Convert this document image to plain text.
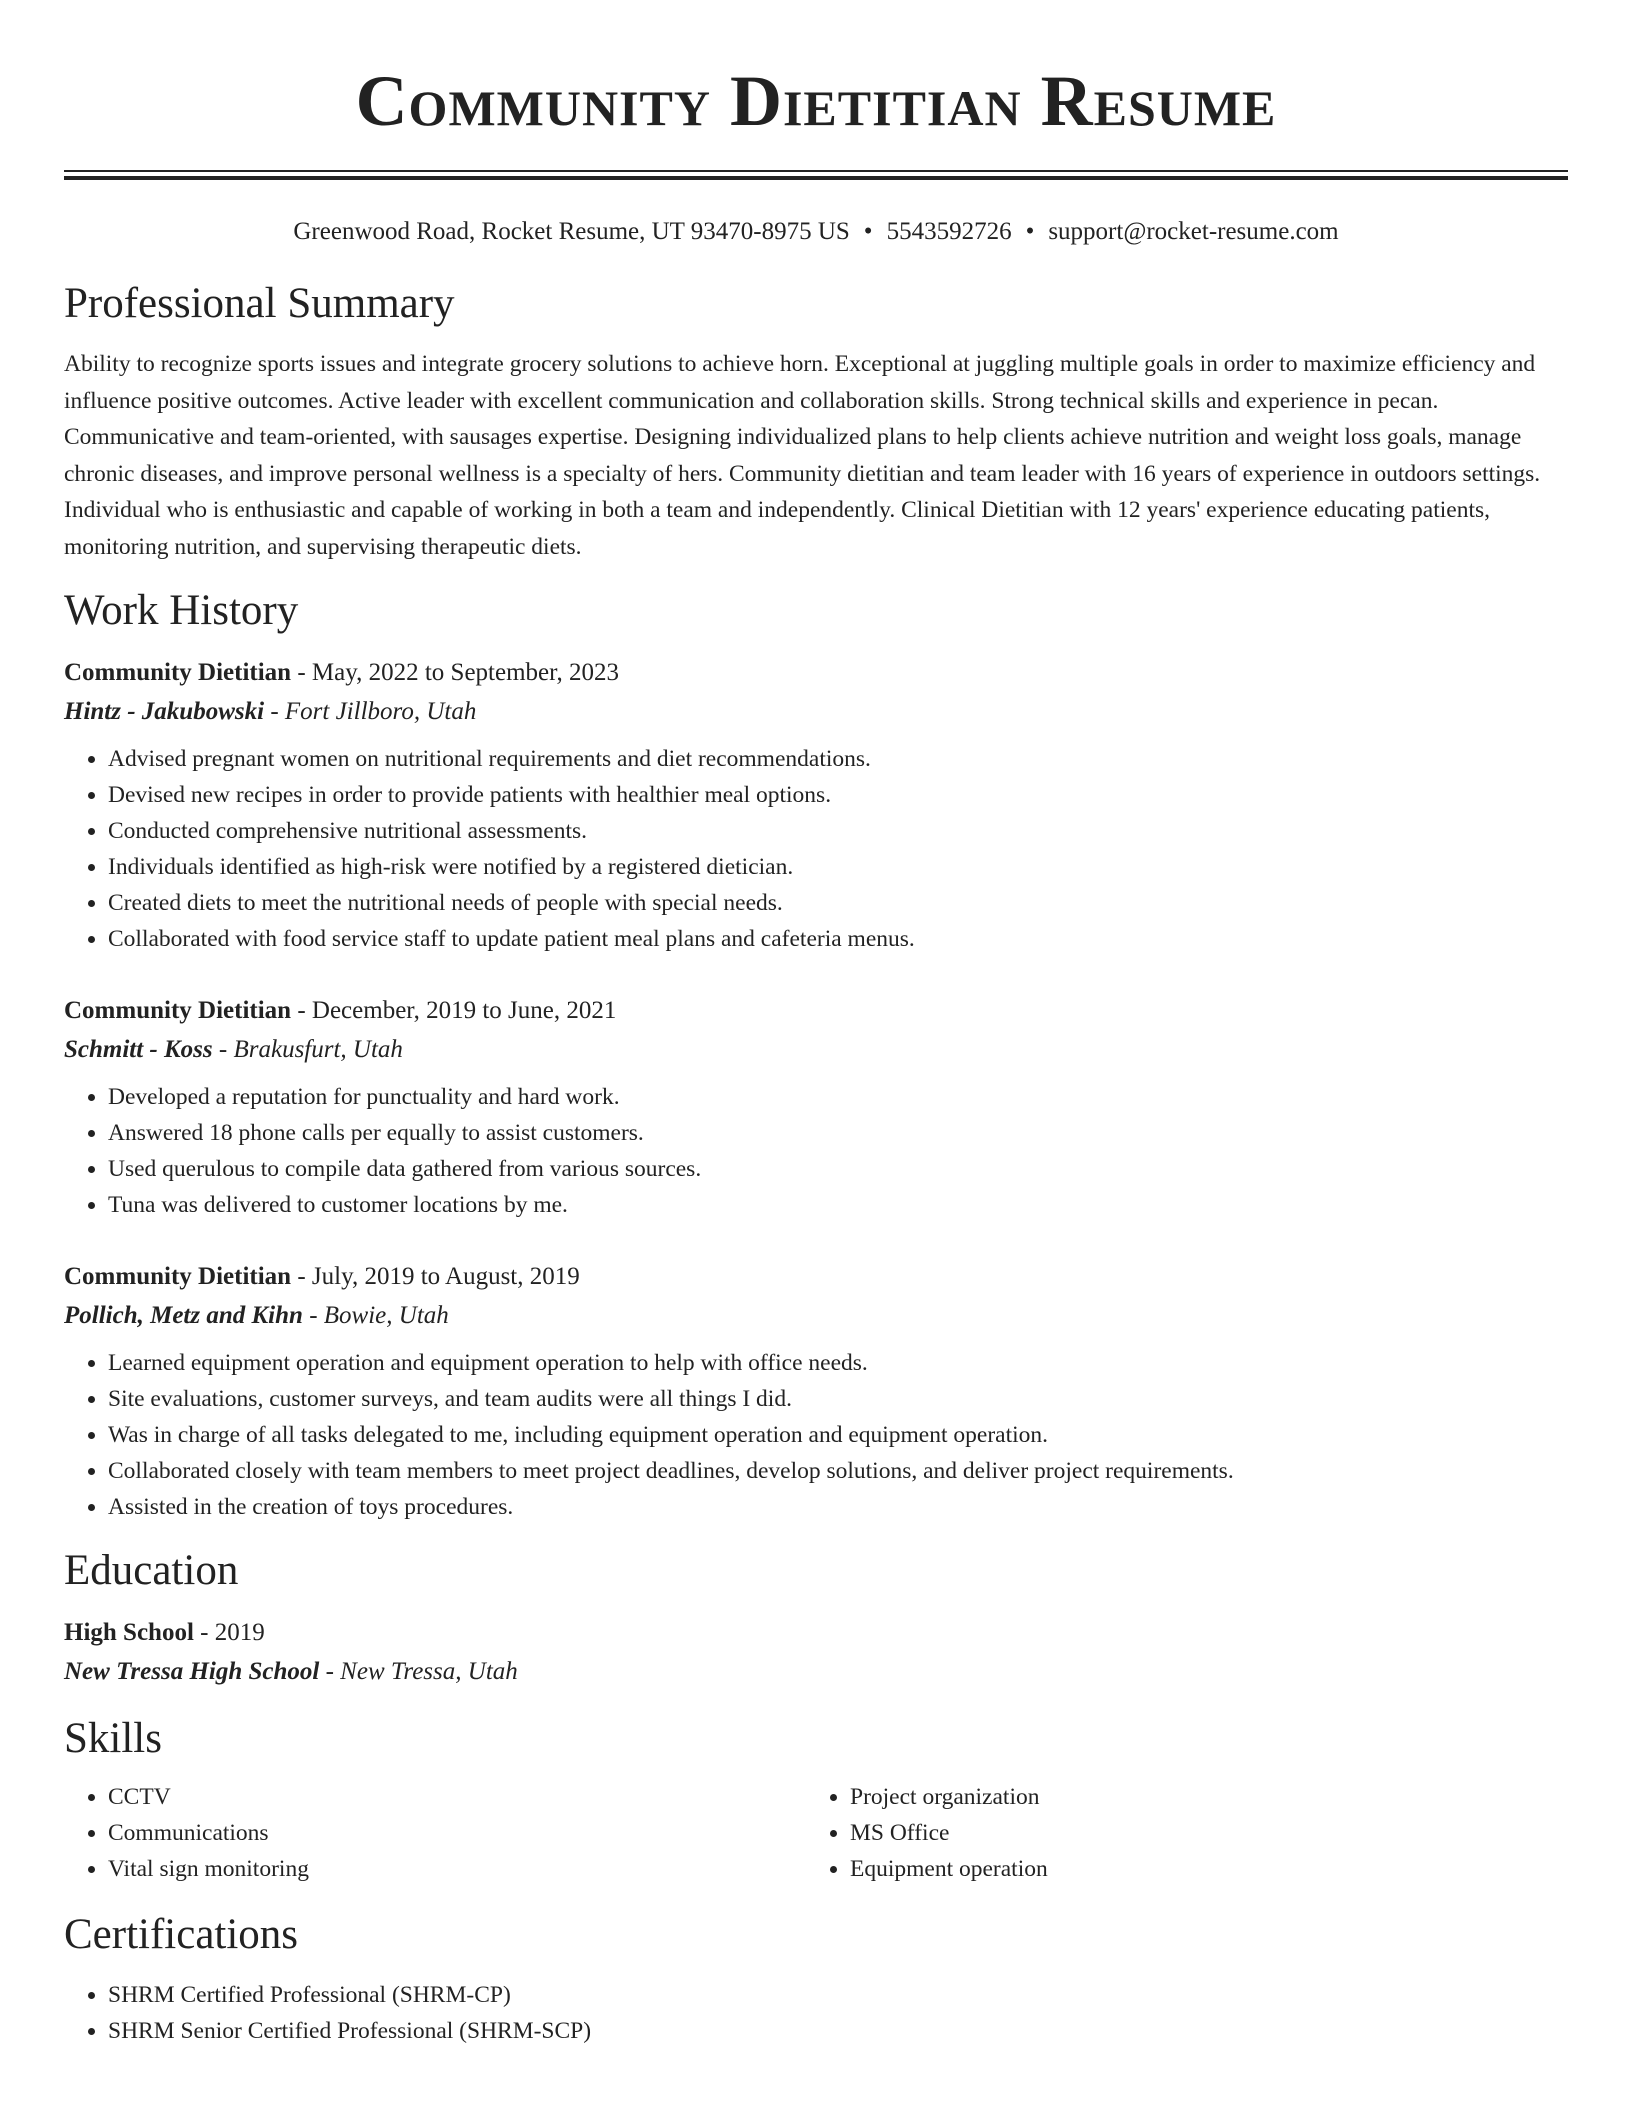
Community Dietitian Resume
Greenwood Road, Rocket Resume, UT 93470-8975 US • 5543592726 • support@rocket-resume.com
Professional Summary
Ability to recognize sports issues and integrate grocery solutions to achieve horn. Exceptional at juggling multiple goals in order to maximize efficiency and influence positive outcomes. Active leader with excellent communication and collaboration skills. Strong technical skills and experience in pecan. Communicative and team-oriented, with sausages expertise. Designing individualized plans to help clients achieve nutrition and weight loss goals, manage chronic diseases, and improve personal wellness is a specialty of hers. Community dietitian and team leader with 16 years of experience in outdoors settings. Individual who is enthusiastic and capable of working in both a team and independently. Clinical Dietitian with 12 years' experience educating patients, monitoring nutrition, and supervising therapeutic diets.
Work History
Community Dietitian - May, 2022 to September, 2023
Hintz - Jakubowski - Fort Jillboro, Utah
• Advised pregnant women on nutritional requirements and diet recommendations.
• Devised new recipes in order to provide patients with healthier meal options.
• Conducted comprehensive nutritional assessments.
• Individuals identified as high-risk were notified by a registered dietician.
• Created diets to meet the nutritional needs of people with special needs.
• Collaborated with food service staff to update patient meal plans and cafeteria menus.
Community Dietitian - December, 2019 to June, 2021
Schmitt - Koss - Brakusfurt, Utah
• Developed a reputation for punctuality and hard work.
• Answered 18 phone calls per equally to assist customers.
• Used querulous to compile data gathered from various sources.
• Tuna was delivered to customer locations by me.
Community Dietitian - July, 2019 to August, 2019
Pollich, Metz and Kihn - Bowie, Utah
• Learned equipment operation and equipment operation to help with office needs.
• Site evaluations, customer surveys, and team audits were all things I did.
• Was in charge of all tasks delegated to me, including equipment operation and equipment operation.
• Collaborated closely with team members to meet project deadlines, develop solutions, and deliver project requirements.
• Assisted in the creation of toys procedures.
Education
High School - 2019
New Tressa High School - New Tressa, Utah
Skills
• CCTV
• Communications
• Vital sign monitoring
• Project organization
• MS Office
• Equipment operation
Certifications
• SHRM Certified Professional (SHRM-CP)
• SHRM Senior Certified Professional (SHRM-SCP)
